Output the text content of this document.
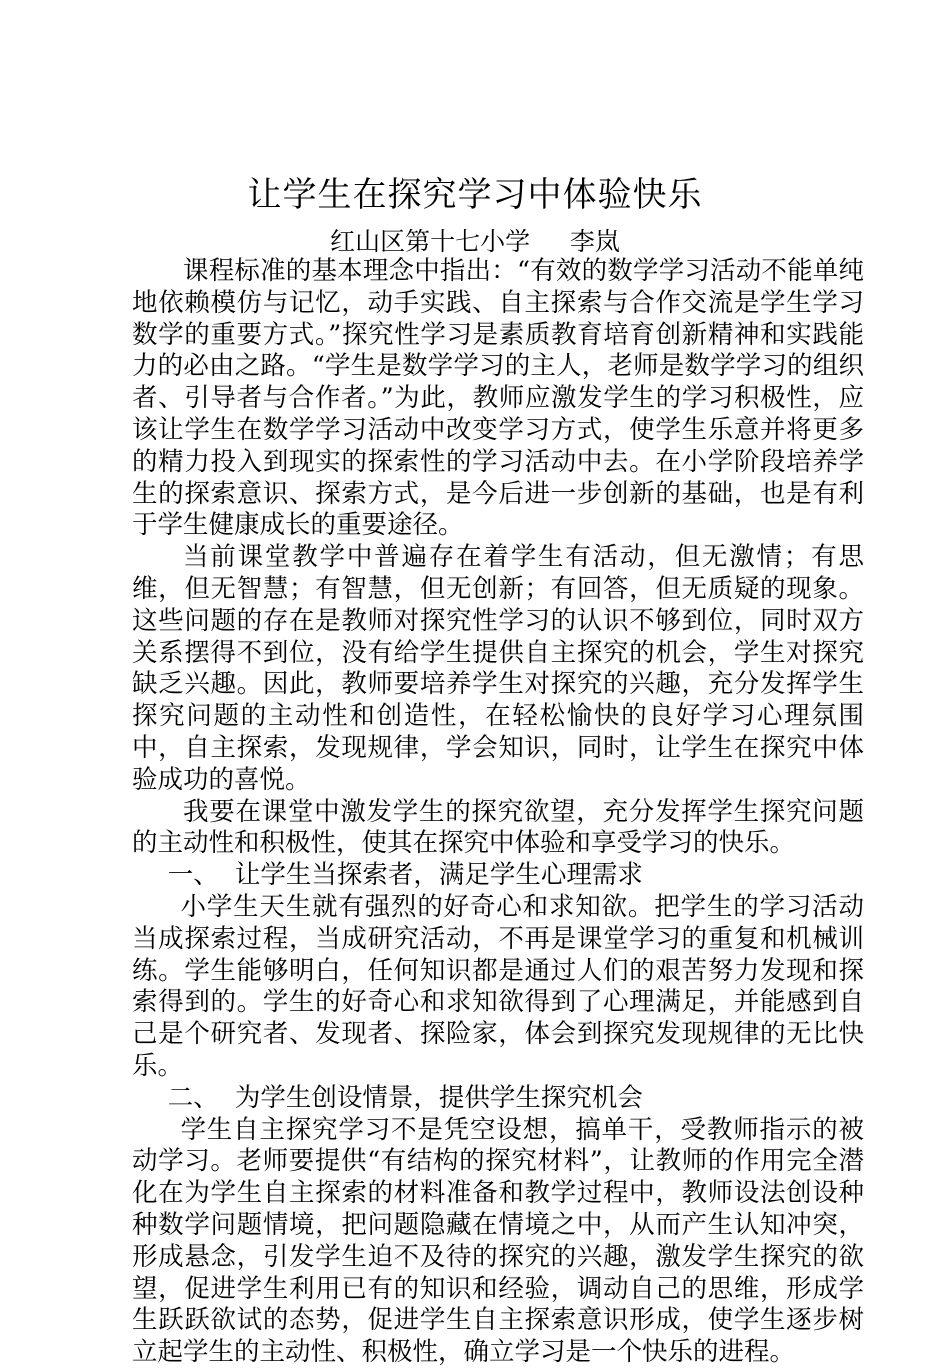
让学生在探究学习中体验快乐
红山区第十七小学     李岚

课程标准的基本理念中指出：“有效的数学学习活动不能单纯地依赖模仿与记忆，动手实践、自主探索与合作交流是学生学习数学的重要方式。”探究性学习是素质教育培育创新精神和实践能力的必由之路。“学生是数学学习的主人，老师是数学学习的组织者、引导者与合作者。”为此，教师应激发学生的学习积极性，应该让学生在数学学习活动中改变学习方式，使学生乐意并将更多的精力投入到现实的探索性的学习活动中去。在小学阶段培养学生的探索意识、探索方式，是今后进一步创新的基础，也是有利于学生健康成长的重要途径。

当前课堂教学中普遍存在着学生有活动，但无激情；有思维，但无智慧；有智慧，但无创新；有回答，但无质疑的现象。这些问题的存在是教师对探究性学习的认识不够到位，同时双方关系摆得不到位，没有给学生提供自主探究的机会，学生对探究缺乏兴趣。因此，教师要培养学生对探究的兴趣，充分发挥学生探究问题的主动性和创造性，在轻松愉快的良好学习心理氛围中，自主探索，发现规律，学会知识，同时，让学生在探究中体验成功的喜悦。

我要在课堂中激发学生的探究欲望，充分发挥学生探究问题的主动性和积极性，使其在探究中体验和享受学习的快乐。

一、  让学生当探索者，满足学生心理需求

小学生天生就有强烈的好奇心和求知欲。把学生的学习活动当成探索过程，当成研究活动，不再是课堂学习的重复和机械训练。学生能够明白，任何知识都是通过人们的艰苦努力发现和探索得到的。学生的好奇心和求知欲得到了心理满足，并能感到自己是个研究者、发现者、探险家，体会到探究发现规律的无比快乐。

二、  为学生创设情景，提供学生探究机会

学生自主探究学习不是凭空设想，搞单干，受教师指示的被动学习。老师要提供“有结构的探究材料”，让教师的作用完全潜化在为学生自主探索的材料准备和教学过程中，教师设法创设种种数学问题情境，把问题隐藏在情境之中，从而产生认知冲突，形成悬念，引发学生迫不及待的探究的兴趣，激发学生探究的欲望，促进学生利用已有的知识和经验，调动自己的思维，形成学生跃跃欲试的态势，促进学生自主探索意识形成，使学生逐步树立起学生的主动性、积极性，确立学习是一个快乐的进程。
